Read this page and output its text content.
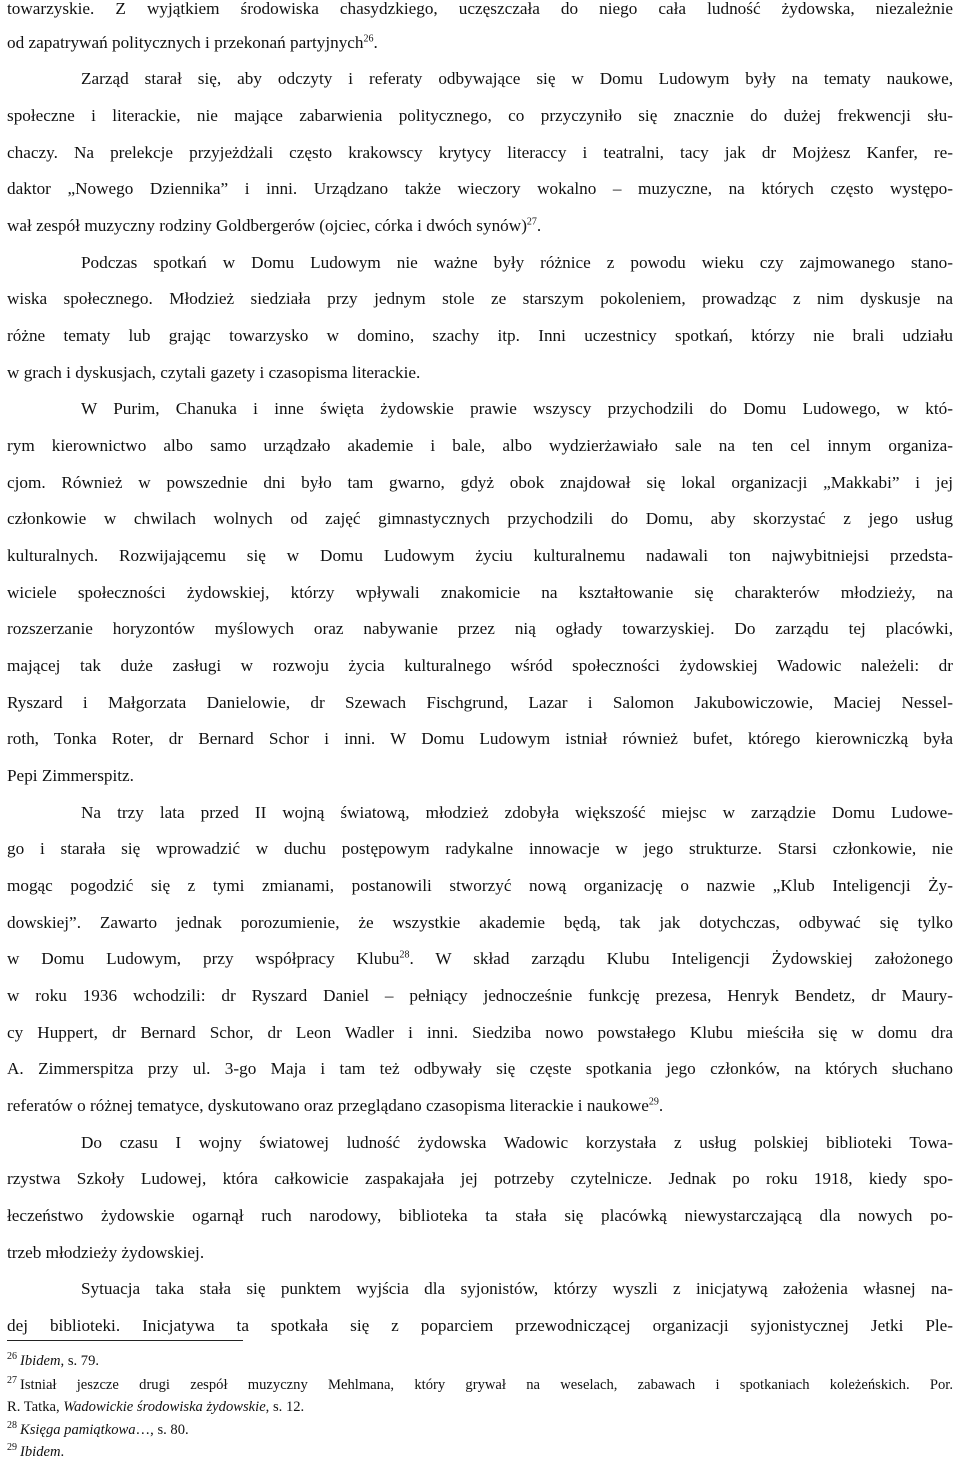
towarzyskie. Z wyjątkiem środowiska chasydzkiego, uczęszczała do niego cała ludność żydowska, niezależnie
od zapatrywań politycznych i przekonań partyjnych$^{26}$.
Zarząd starał się, aby odczyty i referaty odbywające się w Domu Ludowym były na tematy naukowe,
społeczne i literackie, nie mające zabarwienia politycznego, co przyczyniło się znacznie do dużej frekwencji słu-
chaczy. Na prelekcje przyjeżdżali często krakowscy krytycy literaccy i teatralni, tacy jak dr Mojżesz Kanfer, re-
daktor „Nowego Dziennika” i inni. Urządzano także wieczory wokalno – muzyczne, na których często występo-
wał zespół muzyczny rodziny Goldbergerów (ojciec, córka i dwóch synów)$^{27}$.
Podczas spotkań w Domu Ludowym nie ważne były różnice z powodu wieku czy zajmowanego stano-
wiska społecznego. Młodzież siedziała przy jednym stole ze starszym pokoleniem, prowadząc z nim dyskusje na
różne tematy lub grając towarzysko w domino, szachy itp. Inni uczestnicy spotkań, którzy nie brali udziału
w grach i dyskusjach, czytali gazety i czasopisma literackie.
W Purim, Chanuka i inne święta żydowskie prawie wszyscy przychodzili do Domu Ludowego, w któ-
rym kierownictwo albo samo urządzało akademie i bale, albo wydzierżawiało sale na ten cel innym organiza-
cjom. Również w powszednie dni było tam gwarno, gdyż obok znajdował się lokal organizacji „Makkabi” i jej
członkowie w chwilach wolnych od zajęć gimnastycznych przychodzili do Domu, aby skorzystać z jego usług
kulturalnych. Rozwijającemu się w Domu Ludowym życiu kulturalnemu nadawali ton najwybitniejsi przedsta-
wiciele społeczności żydowskiej, którzy wpływali znakomicie na kształtowanie się charakterów młodzieży, na
rozszerzanie horyzontów myślowych oraz nabywanie przez nią ogłady towarzyskiej. Do zarządu tej placówki,
mającej tak duże zasługi w rozwoju życia kulturalnego wśród społeczności żydowskiej Wadowic należeli: dr
Ryszard i Małgorzata Danielowie, dr Szewach Fischgrund, Lazar i Salomon Jakubowiczowie, Maciej Nessel-
roth, Tonka Roter, dr Bernard Schor i inni. W Domu Ludowym istniał również bufet, którego kierowniczką była
Pepi Zimmerspitz.
Na trzy lata przed II wojną światową, młodzież zdobyła większość miejsc w zarządzie Domu Ludowe-
go i starała się wprowadzić w duchu postępowym radykalne innowacje w jego strukturze. Starsi członkowie, nie
mogąc pogodzić się z tymi zmianami, postanowili stworzyć nową organizację o nazwie „Klub Inteligencji Ży-
dowskiej”. Zawarto jednak porozumienie, że wszystkie akademie będą, tak jak dotychczas, odbywać się tylko
w Domu Ludowym, przy współpracy Klubu$^{28}$. W skład zarządu Klubu Inteligencji Żydowskiej założonego
w roku 1936 wchodzili: dr Ryszard Daniel – pełniący jednocześnie funkcję prezesa, Henryk Bendetz, dr Maury-
cy Huppert, dr Bernard Schor, dr Leon Wadler i inni. Siedziba nowo powstałego Klubu mieściła się w domu dra
A. Zimmerspitza przy ul. 3-go Maja i tam też odbywały się częste spotkania jego członków, na których słuchano
referatów o różnej tematyce, dyskutowano oraz przeglądano czasopisma literackie i naukowe$^{29}$.
Do czasu I wojny światowej ludność żydowska Wadowic korzystała z usług polskiej biblioteki Towa-
rzystwa Szkoły Ludowej, która całkowicie zaspakajała jej potrzeby czytelnicze. Jednak po roku 1918, kiedy spo-
łeczeństwo żydowskie ogarnął ruch narodowy, biblioteka ta stała się placówką niewystarczającą dla nowych po-
trzeb młodzieży żydowskiej.
Sytuacja taka stała się punktem wyjścia dla syjonistów, którzy wyszli z inicjatywą założenia własnej na-
dej biblioteki. Inicjatywa ta spotkała się z poparciem przewodniczącej organizacji syjonistycznej Jetki Ple-
$^{26}$ Ibidem, s. 79.
$^{27}$ Istniał jeszcze drugi zespół muzyczny Mehlmana, który grywał na weselach, zabawach i spotkaniach koleżeńskich. Por.
R. Tatka, Wadowickie środowiska żydowskie, s. 12.
$^{28}$ Księga pamiątkowa…, s. 80.
$^{29}$ Ibidem.
